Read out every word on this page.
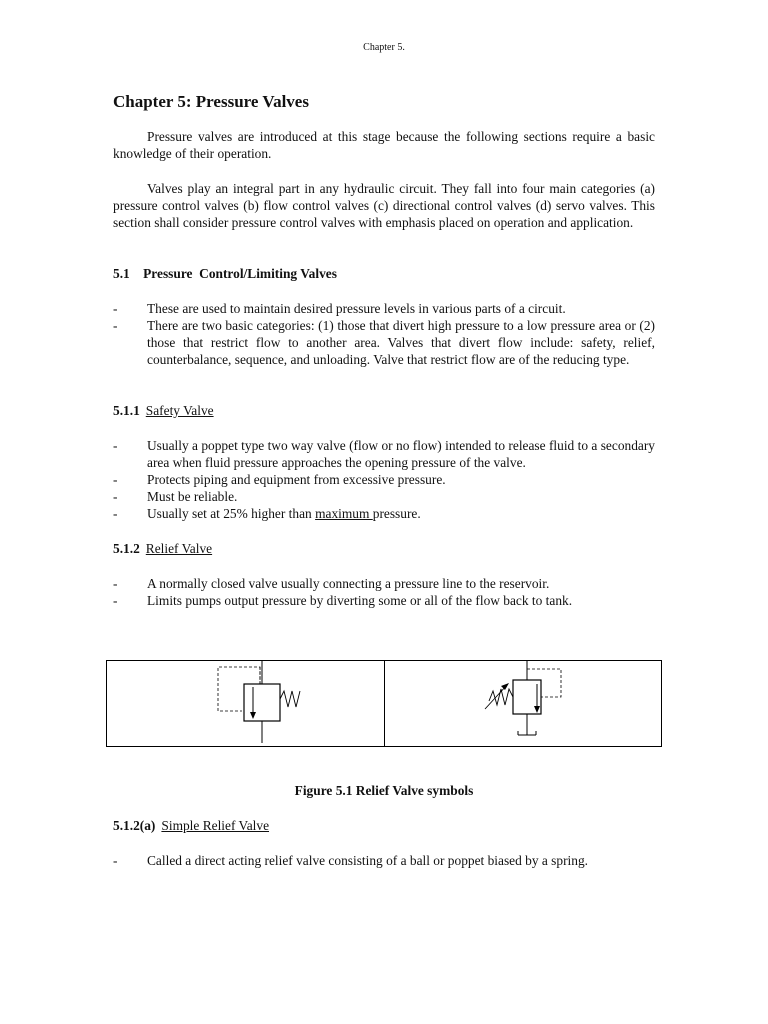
Chapter 5.
Chapter 5: Pressure Valves
Pressure valves are introduced at this stage because the following sections require a basic knowledge of their operation.
Valves play an integral part in any hydraulic circuit. They fall into four main categories (a) pressure control valves (b) flow control valves (c) directional control valves (d) servo valves. This section shall consider pressure control valves with emphasis placed on operation and application.
5.1    Pressure  Control/Limiting Valves
-	These are used to maintain desired pressure levels in various parts of a circuit.
-	There are two basic categories: (1) those that divert high pressure to a low pressure area or (2) those that restrict flow to another area. Valves that divert flow include: safety, relief, counterbalance, sequence, and unloading. Valve that restrict flow are of the reducing type.
5.1.1 Safety Valve
-	Usually a poppet type two way valve (flow or no flow) intended to release fluid to a secondary area when fluid pressure approaches the opening pressure of the valve.
-	Protects piping and equipment from excessive pressure.
-	Must be reliable.
-	Usually set at 25% higher than maximum pressure.
5.1.2 Relief Valve
-	A normally closed valve usually connecting a pressure line to the reservoir.
-	Limits pumps output pressure by diverting some or all of the flow back to tank.
Figure 5.1 Relief Valve symbols
5.1.2(a) Simple Relief Valve
-	Called a direct acting relief valve consisting of a ball or poppet biased by a spring.
